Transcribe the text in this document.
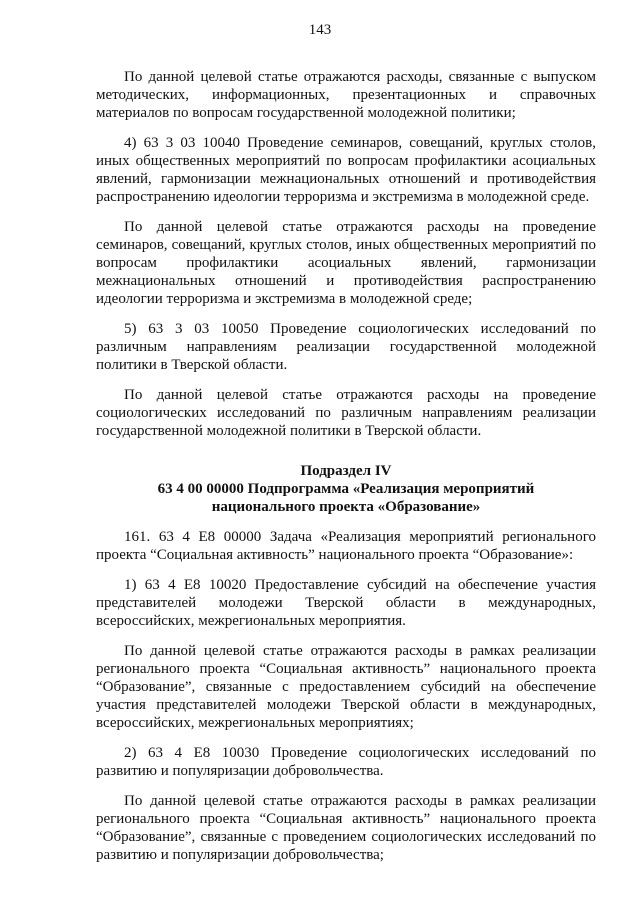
143

По данной целевой статье отражаются расходы, связанные с выпуском методических, информационных, презентационных и справочных материалов по вопросам государственной молодежной политики;

4) 63 3 03 10040 Проведение семинаров, совещаний, круглых столов, иных общественных мероприятий по вопросам профилактики асоциальных явлений, гармонизации межнациональных отношений и противодействия распространению идеологии терроризма и экстремизма в молодежной среде.

По данной целевой статье отражаются расходы на проведение семинаров, совещаний, круглых столов, иных общественных мероприятий по вопросам профилактики асоциальных явлений, гармонизации межнациональных отношений и противодействия распространению идеологии терроризма и экстремизма в молодежной среде;

5) 63 3 03 10050 Проведение социологических исследований по различным направлениям реализации государственной молодежной политики в Тверской области.

По данной целевой статье отражаются расходы на проведение социологических исследований по различным направлениям реализации государственной молодежной политики в Тверской области.

Подраздел IV
63 4 00 00000 Подпрограмма «Реализация мероприятий
национального проекта «Образование»

161. 63 4 E8 00000 Задача «Реализация мероприятий регионального проекта “Социальная активность” национального проекта “Образование»:

1) 63 4 E8 10020 Предоставление субсидий на обеспечение участия представителей молодежи Тверской области в международных, всероссийских, межрегиональных мероприятия.

По данной целевой статье отражаются расходы в рамках реализации регионального проекта “Социальная активность” национального проекта “Образование”, связанные с предоставлением субсидий на обеспечение участия представителей молодежи Тверской области в международных, всероссийских, межрегиональных мероприятиях;

2) 63 4 E8 10030 Проведение социологических исследований по развитию и популяризации добровольчества.

По данной целевой статье отражаются расходы в рамках реализации регионального проекта “Социальная активность” национального проекта “Образование”, связанные с проведением социологических исследований по развитию и популяризации добровольчества;
